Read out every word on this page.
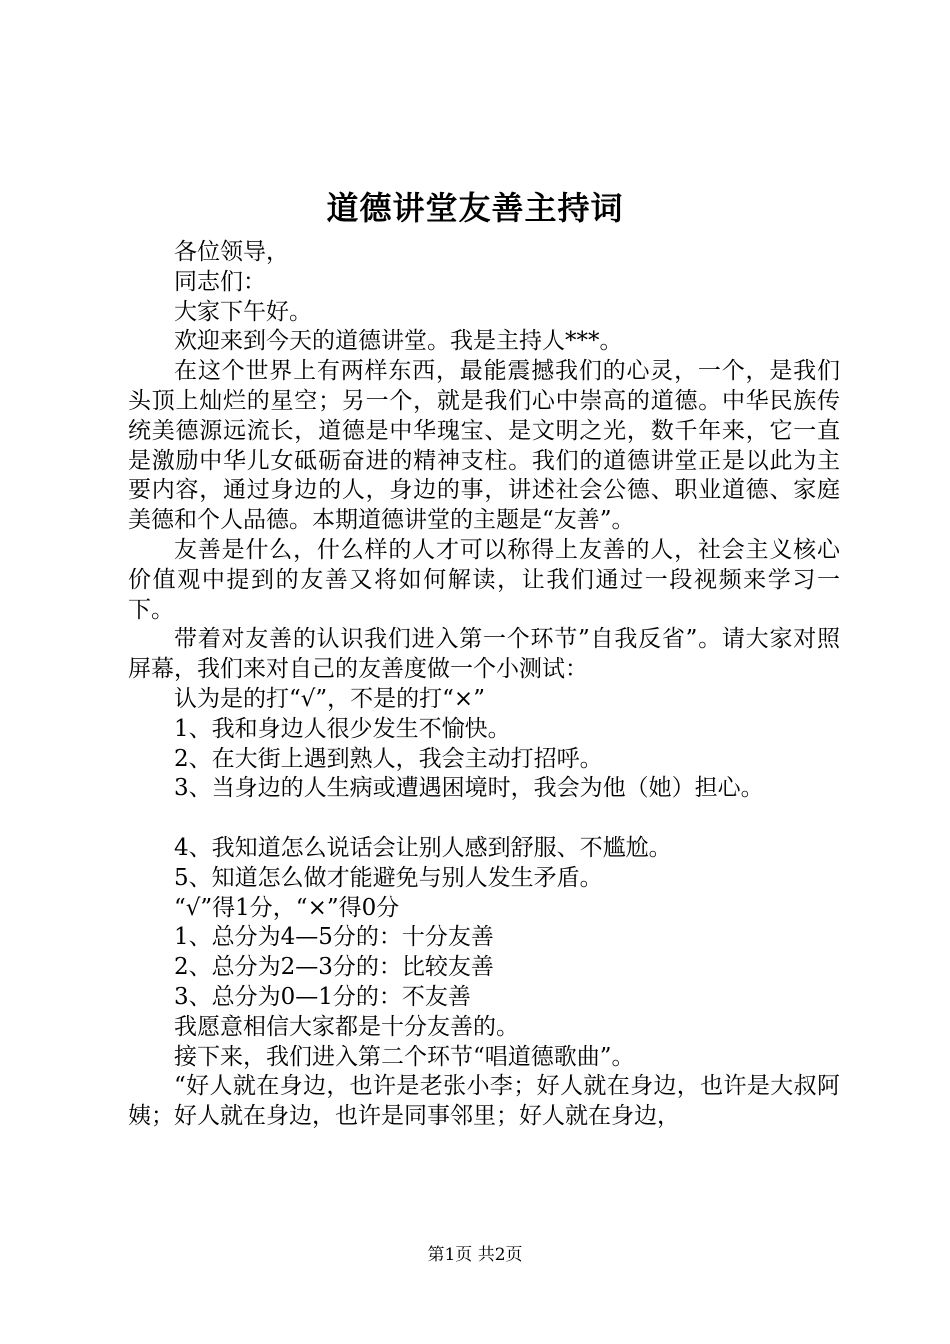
道德讲堂友善主持词

各位领导，

同志们：

大家下午好。

欢迎来到今天的道德讲堂。我是主持人***。

在这个世界上有两样东西，最能震撼我们的心灵，一个，是我们头顶上灿烂的星空；另一个，就是我们心中崇高的道德。中华民族传统美德源远流长，道德是中华瑰宝、是文明之光，数千年来，它一直是激励中华儿女砥砺奋进的精神支柱。我们的道德讲堂正是以此为主要内容，通过身边的人，身边的事，讲述社会公德、职业道德、家庭美德和个人品德。本期道德讲堂的主题是“友善”。

友善是什么，什么样的人才可以称得上友善的人，社会主义核心价值观中提到的友善又将如何解读，让我们通过一段视频来学习一下。

带着对友善的认识我们进入第一个环节”自我反省”。请大家对照屏幕，我们来对自己的友善度做一个小测试：

认为是的打“√”，不是的打“×”

1、我和身边人很少发生不愉快。

2、在大街上遇到熟人，我会主动打招呼。

3、当身边的人生病或遭遇困境时，我会为他（她）担心。

4、我知道怎么说话会让别人感到舒服、不尴尬。

5、知道怎么做才能避免与别人发生矛盾。

“√”得1分，“×”得0分

1、总分为4—5分的：十分友善

2、总分为2—3分的：比较友善

3、总分为0—1分的：不友善

我愿意相信大家都是十分友善的。

接下来，我们进入第二个环节“唱道德歌曲”。

“好人就在身边，也许是老张小李；好人就在身边，也许是大叔阿姨；好人就在身边，也许是同事邻里；好人就在身边，

第1页 共2页
